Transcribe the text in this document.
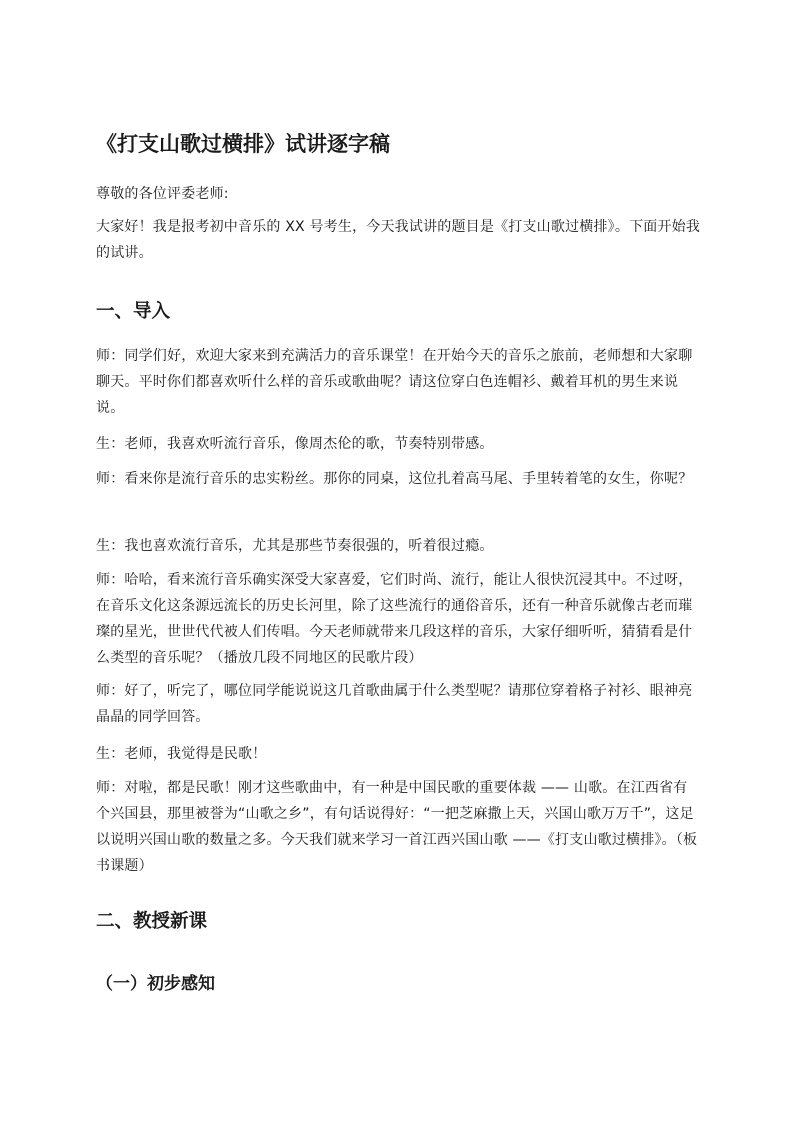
《打支山歌过横排》试讲逐字稿

尊敬的各位评委老师:

大家好！我是报考初中音乐的 XX 号考生，今天我试讲的题目是《打支山歌过横排》。下面开始我的试讲。

一、导入

师：同学们好，欢迎大家来到充满活力的音乐课堂！在开始今天的音乐之旅前，老师想和大家聊聊天。平时你们都喜欢听什么样的音乐或歌曲呢？请这位穿白色连帽衫、戴着耳机的男生来说说。

生：老师，我喜欢听流行音乐，像周杰伦的歌，节奏特别带感。

师：看来你是流行音乐的忠实粉丝。那你的同桌，这位扎着高马尾、手里转着笔的女生，你呢？

生：我也喜欢流行音乐，尤其是那些节奏很强的，听着很过瘾。

师：哈哈，看来流行音乐确实深受大家喜爱，它们时尚、流行，能让人很快沉浸其中。不过呀，在音乐文化这条源远流长的历史长河里，除了这些流行的通俗音乐，还有一种音乐就像古老而璀璨的星光，世世代代被人们传唱。今天老师就带来几段这样的音乐，大家仔细听听，猜猜看是什么类型的音乐呢？（播放几段不同地区的民歌片段）

师：好了，听完了，哪位同学能说说这几首歌曲属于什么类型呢？请那位穿着格子衬衫、眼神亮晶晶的同学回答。

生：老师，我觉得是民歌！

师：对啦，都是民歌！刚才这些歌曲中，有一种是中国民歌的重要体裁 —— 山歌。在江西省有个兴国县，那里被誉为“山歌之乡”，有句话说得好：“一把芝麻撒上天，兴国山歌万万千”，这足以说明兴国山歌的数量之多。今天我们就来学习一首江西兴国山歌 ——《打支山歌过横排》。（板书课题）

二、教授新课
（一）初步感知
